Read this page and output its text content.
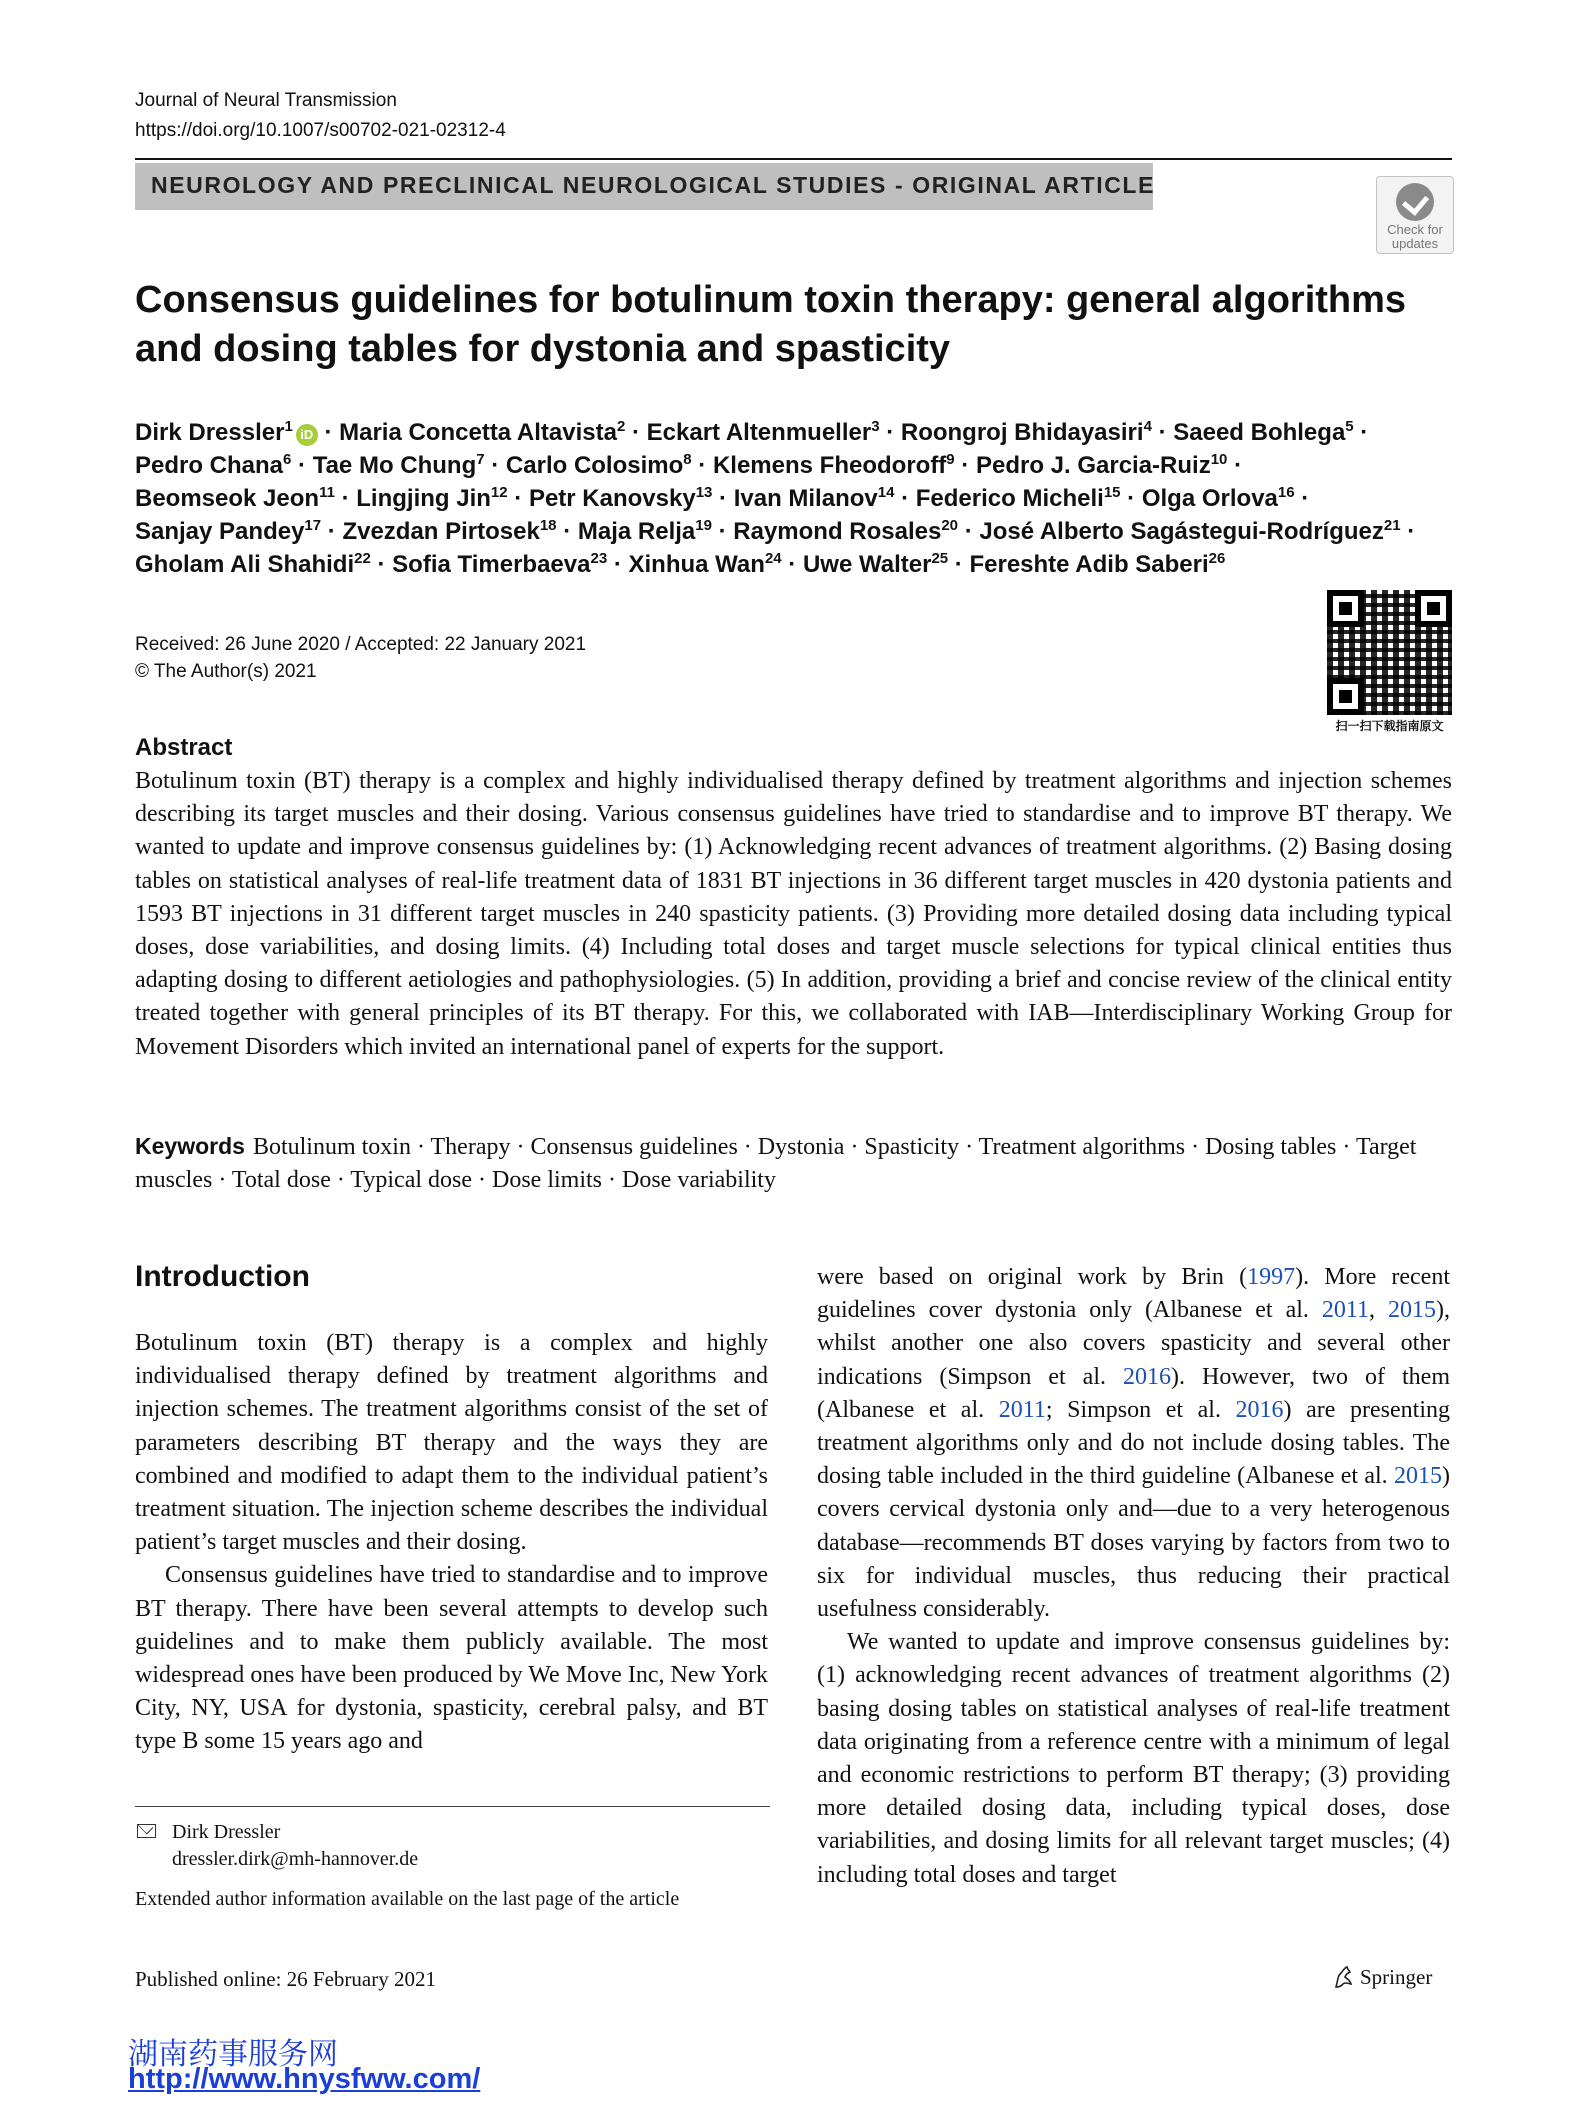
Journal of Neural Transmission
https://doi.org/10.1007/s00702-021-02312-4
NEUROLOGY AND PRECLINICAL NEUROLOGICAL STUDIES - ORIGINAL ARTICLE
Check for
updates
Consensus guidelines for botulinum toxin therapy: general algorithms
and dosing tables for dystonia and spasticity
Dirk Dressler$^1$ iD · Maria Concetta Altavista$^2$ · Eckart Altenmueller$^3$ · Roongroj Bhidayasiri$^4$ · Saeed Bohlega$^5$ ·
Pedro Chana$^6$ · Tae Mo Chung$^7$ · Carlo Colosimo$^8$ · Klemens Fheodoroff$^9$ · Pedro J. Garcia-Ruiz$^{10}$ ·
Beomseok Jeon$^{11}$ · Lingjing Jin$^{12}$ · Petr Kanovsky$^{13}$ · Ivan Milanov$^{14}$ · Federico Micheli$^{15}$ · Olga Orlova$^{16}$ ·
Sanjay Pandey$^{17}$ · Zvezdan Pirtosek$^{18}$ · Maja Relja$^{19}$ · Raymond Rosales$^{20}$ · José Alberto Sagástegui-Rodríguez$^{21}$ ·
Gholam Ali Shahidi$^{22}$ · Sofia Timerbaeva$^{23}$ · Xinhua Wan$^{24}$ · Uwe Walter$^{25}$ · Fereshte Adib Saberi$^{26}$
Received: 26 June 2020 / Accepted: 22 January 2021
© The Author(s) 2021
扫一扫下载指南原文
Abstract

Botulinum toxin (BT) therapy is a complex and highly individualised therapy defined by treatment algorithms and injection schemes describing its target muscles and their dosing. Various consensus guidelines have tried to standardise and to improve BT therapy. We wanted to update and improve consensus guidelines by: (1) Acknowledging recent advances of treatment algorithms. (2) Basing dosing tables on statistical analyses of real-life treatment data of 1831 BT injections in 36 different target muscles in 420 dystonia patients and 1593 BT injections in 31 different target muscles in 240 spasticity patients. (3) Providing more detailed dosing data including typical doses, dose variabilities, and dosing limits. (4) Including total doses and target muscle selections for typical clinical entities thus adapting dosing to different aetiologies and pathophysiologies. (5) In addition, providing a brief and concise review of the clinical entity treated together with general principles of its BT therapy. For this, we collaborated with IAB—Interdisciplinary Working Group for Movement Disorders which invited an international panel of experts for the support.

Keywords Botulinum toxin · Therapy · Consensus guidelines · Dystonia · Spasticity · Treatment algorithms · Dosing tables · Target muscles · Total dose · Typical dose · Dose limits · Dose variability

Introduction

Botulinum toxin (BT) therapy is a complex and highly individualised therapy defined by treatment algorithms and injection schemes. The treatment algorithms consist of the set of parameters describing BT therapy and the ways they are combined and modified to adapt them to the individual patient’s treatment situation. The injection scheme describes the individual patient’s target muscles and their dosing.

Consensus guidelines have tried to standardise and to improve BT therapy. There have been several attempts to develop such guidelines and to make them publicly available. The most widespread ones have been produced by We Move Inc, New York City, NY, USA for dystonia, spasticity, cerebral palsy, and BT type B some 15 years ago and

were based on original work by Brin (1997). More recent guidelines cover dystonia only (Albanese et al. 2011, 2015), whilst another one also covers spasticity and several other indications (Simpson et al. 2016). However, two of them (Albanese et al. 2011; Simpson et al. 2016) are presenting treatment algorithms only and do not include dosing tables. The dosing table included in the third guideline (Albanese et al. 2015) covers cervical dystonia only and—due to a very heterogenous database—recommends BT doses varying by factors from two to six for individual muscles, thus reducing their practical usefulness considerably.

We wanted to update and improve consensus guidelines by: (1) acknowledging recent advances of treatment algorithms (2) basing dosing tables on statistical analyses of real-life treatment data originating from a reference centre with a minimum of legal and economic restrictions to perform BT therapy; (3) providing more detailed dosing data, including typical doses, dose variabilities, and dosing limits for all relevant target muscles; (4) including total doses and target

Dirk Dressler
dressler.dirk@mh-hannover.de
Extended author information available on the last page of the article
Published online: 26 February 2021	Springer
湖南药事服务网
http://www.hnysfww.com/
